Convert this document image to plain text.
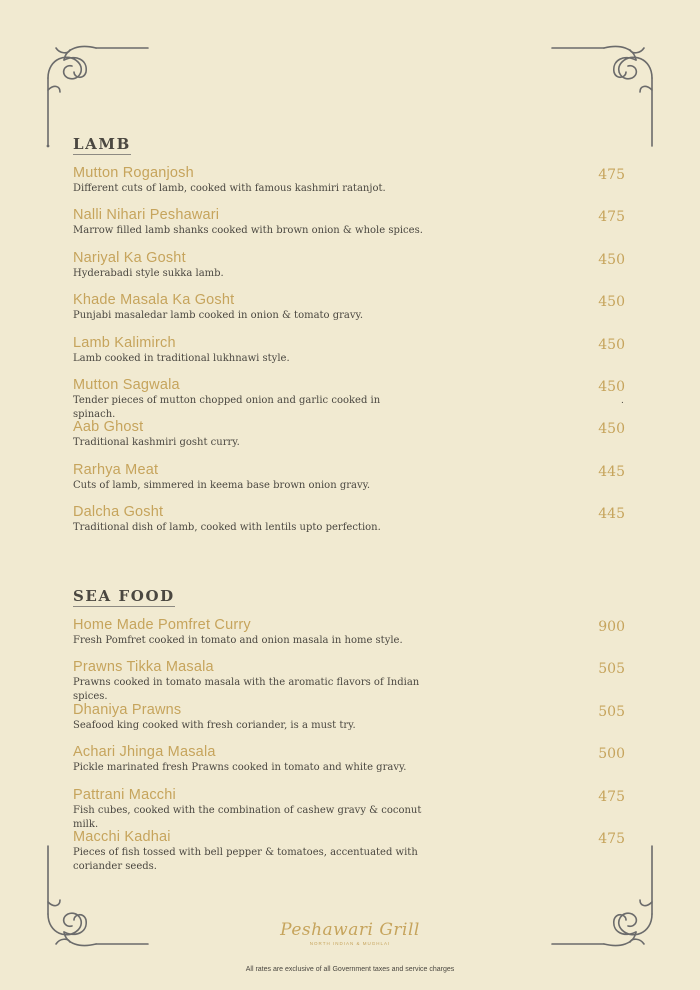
LAMB
Mutton Roganjosh
Different cuts of lamb, cooked with famous kashmiri ratanjot.
475
Nalli Nihari Peshawari
Marrow filled lamb shanks cooked with brown onion & whole spices.
475
Nariyal Ka Gosht
Hyderabadi style sukka lamb.
450
Khade Masala Ka Gosht
Punjabi masaledar lamb cooked in onion & tomato gravy.
450
Lamb Kalimirch
Lamb cooked in traditional lukhnawi style.
450
Mutton Sagwala
Tender pieces of mutton chopped onion and garlic cooked in spinach.
450
Aab Ghost
Traditional kashmiri gosht curry.
450
Rarhya Meat
Cuts of lamb, simmered in keema base brown onion gravy.
445
Dalcha Gosht
Traditional dish of lamb, cooked with lentils upto perfection.
445
.
SEA FOOD
Home Made Pomfret Curry
Fresh Pomfret cooked in tomato and onion masala in home style.
900
Prawns Tikka Masala
Prawns cooked in tomato masala with the aromatic flavors of Indian spices.
505
Dhaniya Prawns
Seafood king cooked with fresh coriander, is a must try.
505
Achari Jhinga Masala
Pickle marinated fresh Prawns cooked in tomato and white gravy.
500
Pattrani Macchi
Fish cubes, cooked with the combination of cashew gravy & coconut milk.
475
Macchi Kadhai
Pieces of fish tossed with bell pepper & tomatoes, accentuated with coriander seeds.
475
Peshawari Grill
NORTH INDIAN & MUGHLAI
All rates are exclusive of all Government taxes and service charges
